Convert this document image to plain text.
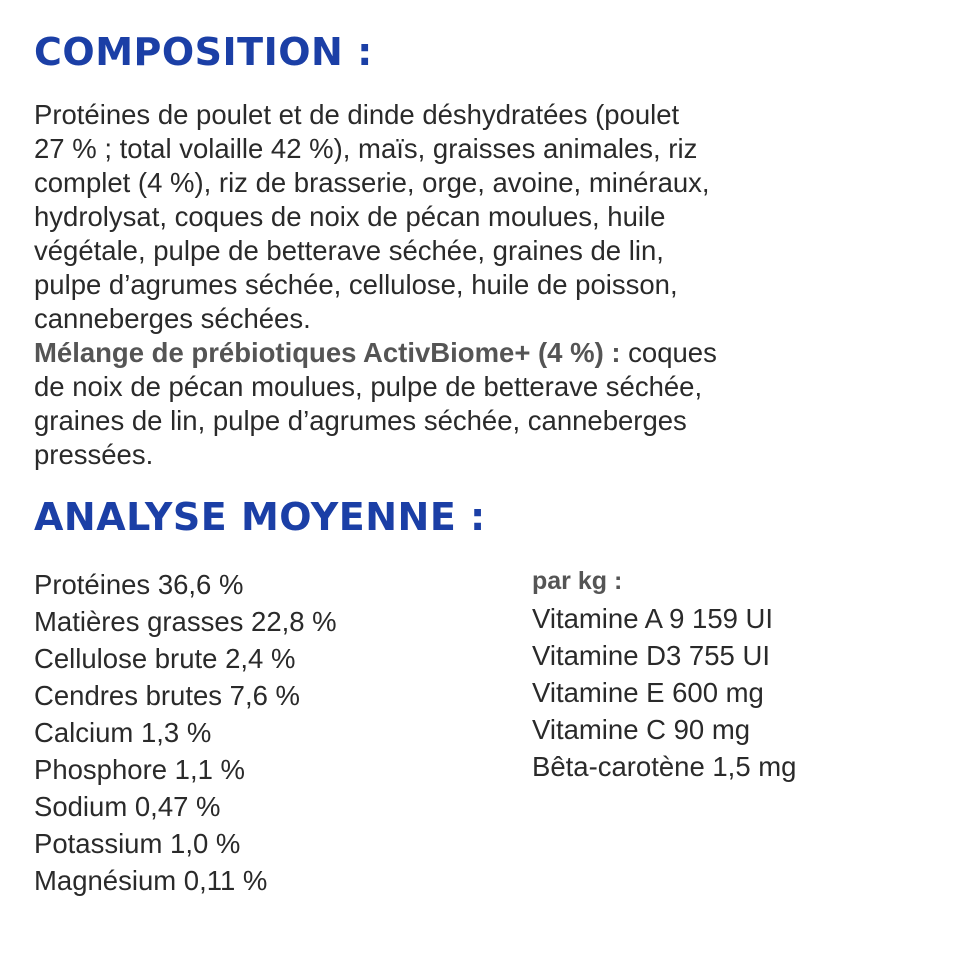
COMPOSITION :
Protéines de poulet et de dinde déshydratées (poulet
27 % ; total volaille 42 %), maïs, graisses animales, riz
complet (4 %), riz de brasserie, orge, avoine, minéraux,
hydrolysat, coques de noix de pécan moulues, huile
végétale, pulpe de betterave séchée, graines de lin,
pulpe d’agrumes séchée, cellulose, huile de poisson,
canneberges séchées.
Mélange de prébiotiques ActivBiome+ (4 %) : coques
de noix de pécan moulues, pulpe de betterave séchée,
graines de lin, pulpe d’agrumes séchée, canneberges
pressées.
ANALYSE MOYENNE :
Protéines 36,6 %
Matières grasses 22,8 %
Cellulose brute 2,4 %
Cendres brutes 7,6 %
Calcium 1,3 %
Phosphore 1,1 %
Sodium 0,47 %
Potassium 1,0 %
Magnésium 0,11 %
par kg :
Vitamine A 9 159 UI
Vitamine D3 755 UI
Vitamine E 600 mg
Vitamine C 90 mg
Bêta-carotène 1,5 mg
